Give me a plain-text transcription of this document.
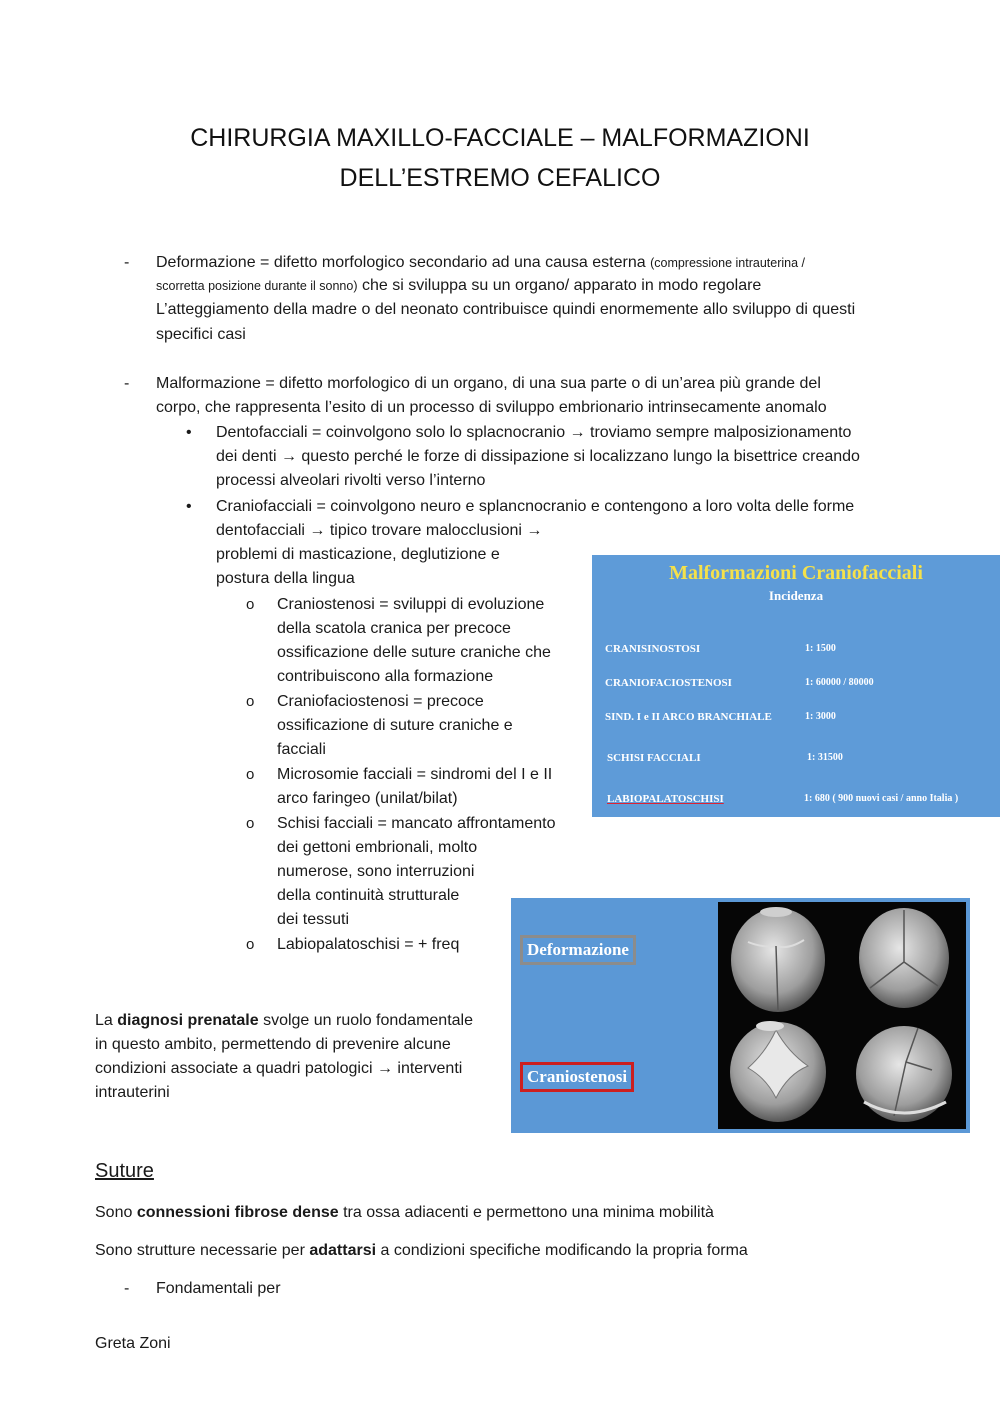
CHIRURGIA MAXILLO-FACCIALE – MALFORMAZIONI
DELL’ESTREMO CEFALICO
- Deformazione = difetto morfologico secondario ad una causa esterna (compressione intrauterina /
scorretta posizione durante il sonno) che si sviluppa su un organo/ apparato in modo regolare
L’atteggiamento della madre o del neonato contribuisce quindi enormemente allo sviluppo di questi
specifici casi
- Malformazione = difetto morfologico di un organo, di una sua parte o di un’area più grande del
corpo, che rappresenta l’esito di un processo di sviluppo embrionario intrinsecamente anomalo
• Dentofacciali = coinvolgono solo lo splacnocranio → troviamo sempre malposizionamento
dei denti → questo perché le forze di dissipazione si localizzano lungo la bisettrice creando
processi alveolari rivolti verso l’interno
• Craniofacciali = coinvolgono neuro e splancnocranio e contengono a loro volta delle forme
dentofacciali → tipico trovare malocclusioni →
problemi di masticazione, deglutizione e
postura della lingua
o Craniostenosi = sviluppi di evoluzione
della scatola cranica per precoce
ossificazione delle suture craniche che
contribuiscono alla formazione
o Craniofaciostenosi = precoce
ossificazione di suture craniche e
facciali
o Microsomie facciali = sindromi del I e II
arco faringeo (unilat/bilat)
o Schisi facciali = mancato affrontamento
dei gettoni embrionali, molto
numerose, sono interruzioni
della continuità strutturale
dei tessuti
o Labiopalatoschisi = + freq
La diagnosi prenatale svolge un ruolo fondamentale
in questo ambito, permettendo di prevenire alcune
condizioni associate a quadri patologici → interventi
intrauterini
Malformazioni Craniofacciali
Incidenza
CRANISINOSTOSI	1: 1500
CRANIOFACIOSTENOSI	1: 60000 / 80000
SIND. I e II ARCO BRANCHIALE	1: 3000
SCHISI FACCIALI	1: 31500
LABIOPALATOSCHISI	1: 680 ( 900 nuovi casi / anno Italia )
Deformazione
Craniostenosi
Suture
Sono connessioni fibrose dense tra ossa adiacenti e permettono una minima mobilità
Sono strutture necessarie per adattarsi a condizioni specifiche modificando la propria forma
- Fondamentali per
Greta Zoni
